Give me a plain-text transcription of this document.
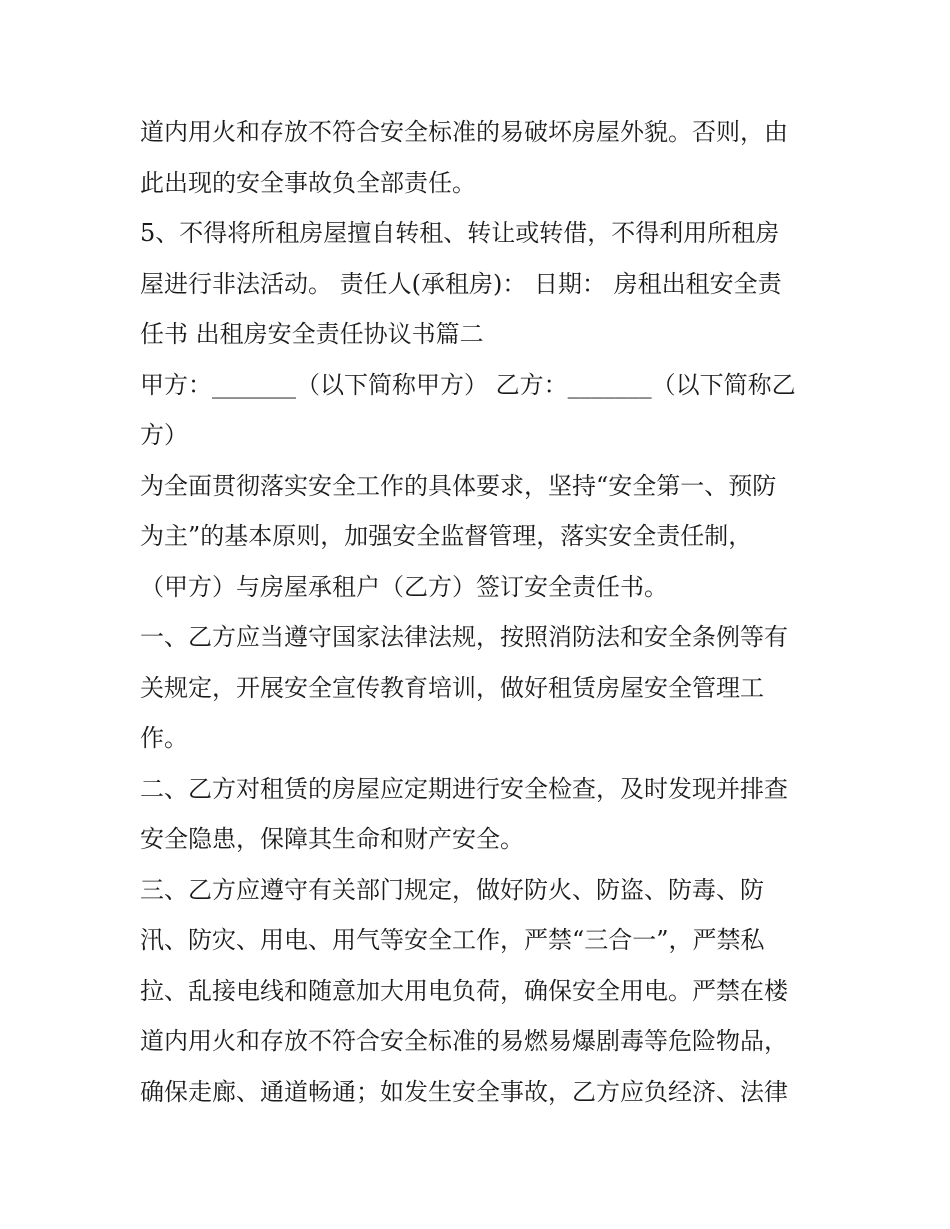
道内用火和存放不符合安全标准的易破坏房屋外貌。否则，由
此出现的安全事故负全部责任。
5、不得将所租房屋擅自转租、转让或转借，不得利用所租房
屋进行非法活动。 责任人(承租房)： 日期： 房租出租安全责
任书 出租房安全责任协议书篇二
甲方：_______（以下简称甲方） 乙方：_______（以下简称乙
方）
为全面贯彻落实安全工作的具体要求，坚持“安全第一、预防
为主”的基本原则，加强安全监督管理，落实安全责任制，
（甲方）与房屋承租户（乙方）签订安全责任书。
一、乙方应当遵守国家法律法规，按照消防法和安全条例等有
关规定，开展安全宣传教育培训，做好租赁房屋安全管理工
作。
二、乙方对租赁的房屋应定期进行安全检查，及时发现并排查
安全隐患，保障其生命和财产安全。
三、乙方应遵守有关部门规定，做好防火、防盗、防毒、防
汛、防灾、用电、用气等安全工作，严禁“三合一”，严禁私
拉、乱接电线和随意加大用电负荷，确保安全用电。严禁在楼
道内用火和存放不符合安全标准的易燃易爆剧毒等危险物品，
确保走廊、通道畅通；如发生安全事故，乙方应负经济、法律
